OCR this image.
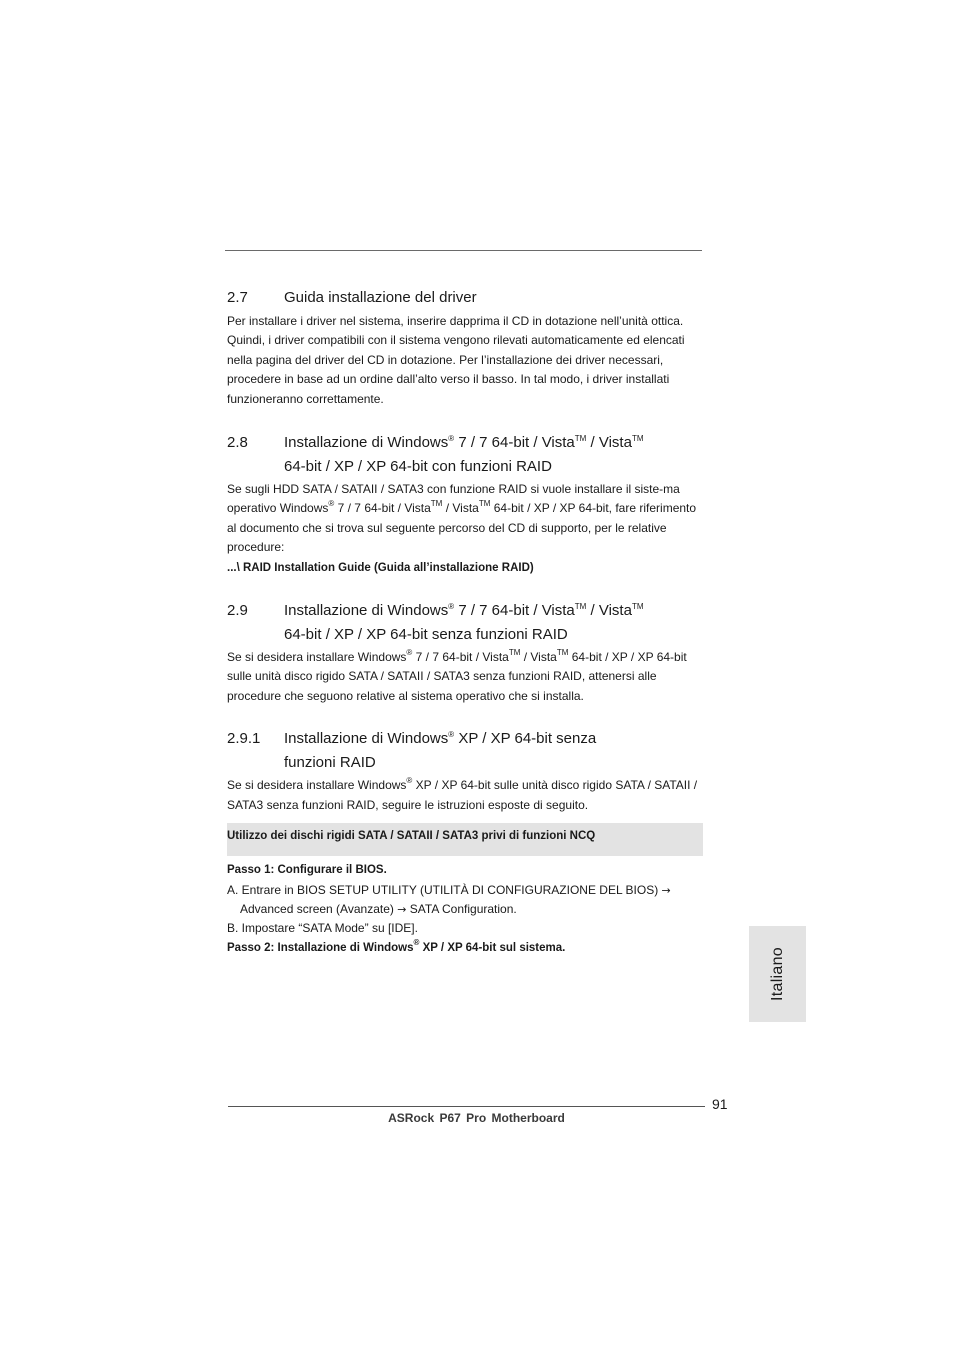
2.7	Guida installazione del driver

Per installare i driver nel sistema, inserire dapprima il CD in dotazione nell’unità ottica. Quindi, i driver compatibili con il sistema vengono rilevati automaticamente ed elencati nella pagina del driver del CD in dotazione. Per l’installazione dei driver necessari, procedere in base ad un ordine dall’alto verso il basso. In tal modo, i driver installati funzioneranno correttamente.

2.8	Installazione di Windows® 7 / 7 64-bit / Vista™ / Vista™
64-bit / XP / XP 64-bit con funzioni RAID

Se sugli HDD SATA / SATAII / SATA3 con funzione RAID si vuole installare il siste-ma operativo Windows® 7 / 7 64-bit / Vista™ / Vista™ 64-bit / XP / XP 64-bit, fare riferimento al documento che si trova sul seguente percorso del CD di supporto, per le relative procedure:

...\ RAID Installation Guide (Guida all’installazione RAID)

2.9	Installazione di Windows® 7 / 7 64-bit / Vista™ / Vista™
64-bit / XP / XP 64-bit senza funzioni RAID

Se si desidera installare Windows® 7 / 7 64-bit / Vista™ / Vista™ 64-bit / XP / XP 64-bit sulle unità disco rigido SATA / SATAII / SATA3 senza funzioni RAID, attenersi alle procedure che seguono relative al sistema operativo che si installa.

2.9.1	Installazione di Windows® XP / XP 64-bit senza
funzioni RAID

Se si desidera installare Windows® XP / XP 64-bit sulle unità disco rigido SATA / SATAII / SATA3 senza funzioni RAID, seguire le istruzioni esposte di seguito.

Utilizzo dei dischi rigidi SATA / SATAII / SATA3 privi di funzioni NCQ

Passo 1: Configurare il BIOS.

A. Entrare in BIOS SETUP UTILITY (UTILITÀ DI CONFIGURAZIONE DEL BIOS) →
Advanced screen (Avanzate) → SATA Configuration.

B. Impostare “SATA Mode” su [IDE].

Passo 2: Installazione di Windows® XP / XP 64-bit sul sistema.	Italiano
91
ASRock P67 Pro Motherboard
